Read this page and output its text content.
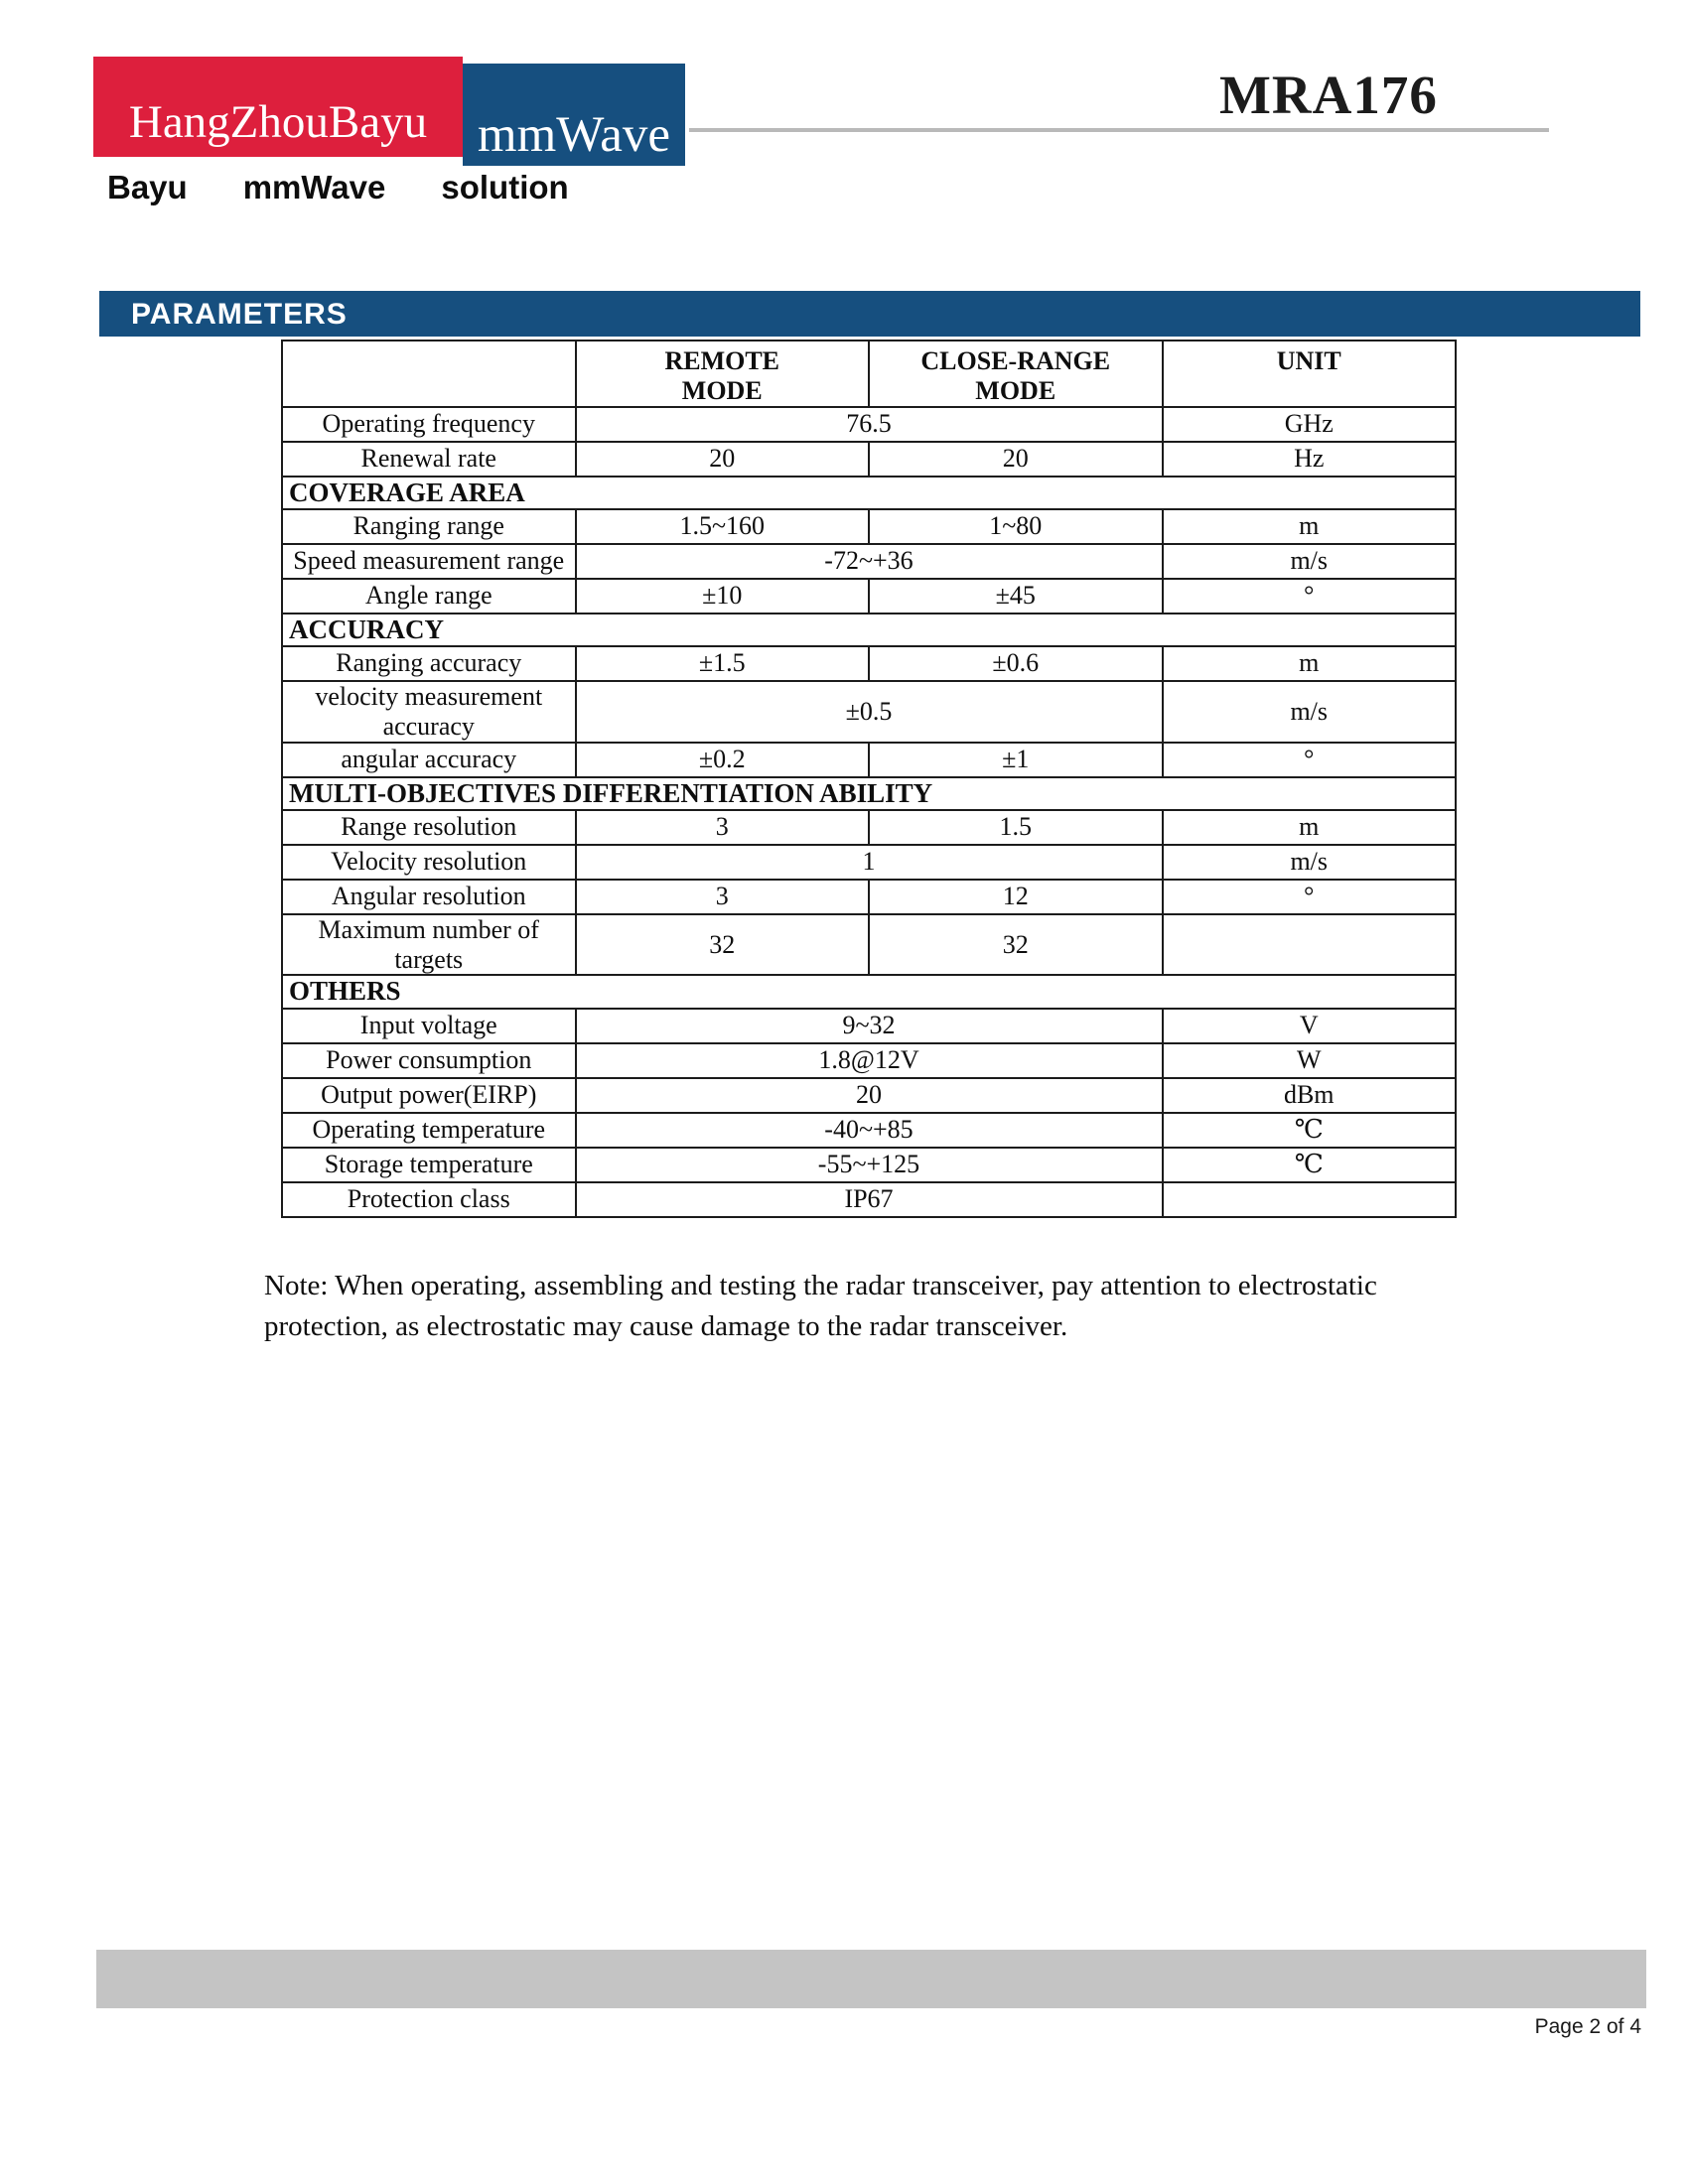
HangZhouBayu mmWave
Bayu mmWave solution
MRA176
PARAMETERS
	REMOTE MODE	CLOSE-RANGE MODE	UNIT
Operating frequency	76.5		GHz
Renewal rate	20	20	Hz
COVERAGE AREA			
Ranging range	1.5~160	1~80	m
Speed measurement range	-72~+36		m/s
Angle range	±10	±45	°
ACCURACY			
Ranging accuracy	±1.5	±0.6	m
velocity measurement accuracy	±0.5		m/s
angular accuracy	±0.2	±1	°
MULTI-OBJECTIVES DIFFERENTIATION ABILITY			
Range resolution	3	1.5	m
Velocity resolution	1		m/s
Angular resolution	3	12	°
Maximum number of targets	32	32	
OTHERS			
Input voltage	9~32		V
Power consumption	1.8@12V		W
Output power(EIRP)	20		dBm
Operating temperature	-40~+85		℃
Storage temperature	-55~+125		℃
Protection class	IP67		

Note: When operating, assembling and testing the radar transceiver, pay attention to electrostatic protection, as electrostatic may cause damage to the radar transceiver.

Page 2 of 4
